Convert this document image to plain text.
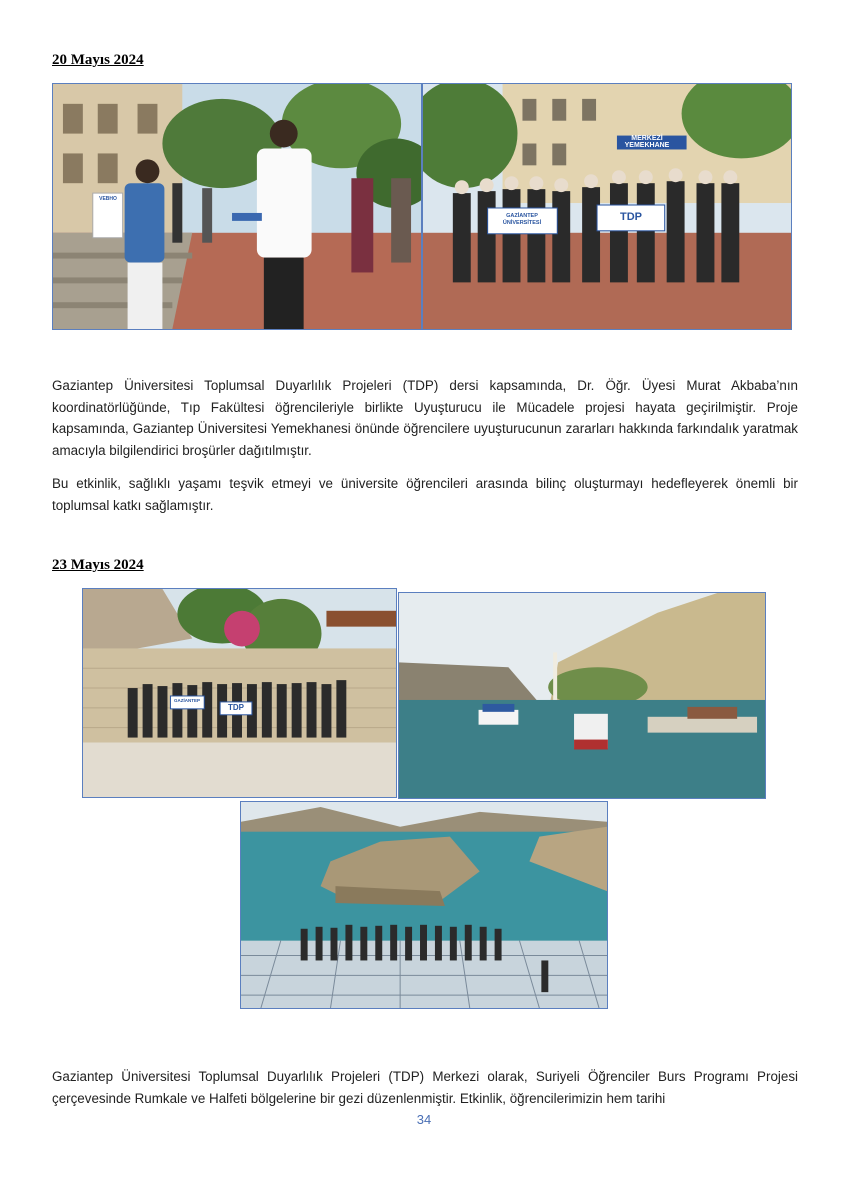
20 Mayıs 2024
MERKEZİ YEMEKHANE
GAZİANTEP ÜNİVERSİTESİ	TDP
VEBHO

Gaziantep Üniversitesi Toplumsal Duyarlılık Projeleri (TDP) dersi kapsamında, Dr. Öğr. Üyesi Murat Akbaba’nın koordinatörlüğünde, Tıp Fakültesi öğrencileriyle birlikte Uyuşturucu ile Mücadele projesi hayata geçirilmiştir. Proje kapsamında, Gaziantep Üniversitesi Yemekhanesi önünde öğrencilere uyuşturucunun zararları hakkında farkındalık yaratmak amacıyla bilgilendirici broşürler dağıtılmıştır.

Bu etkinlik, sağlıklı yaşamı teşvik etmeyi ve üniversite öğrencileri arasında bilinç oluşturmayı hedefleyerek önemli bir toplumsal katkı sağlamıştır.

23 Mayıs 2024
GAZİANTEP
TDP

Gaziantep Üniversitesi Toplumsal Duyarlılık Projeleri (TDP) Merkezi olarak, Suriyeli Öğrenciler Burs Programı Projesi çerçevesinde Rumkale ve Halfeti bölgelerine bir gezi düzenlenmiştir. Etkinlik, öğrencilerimizin hem tarihi

34
